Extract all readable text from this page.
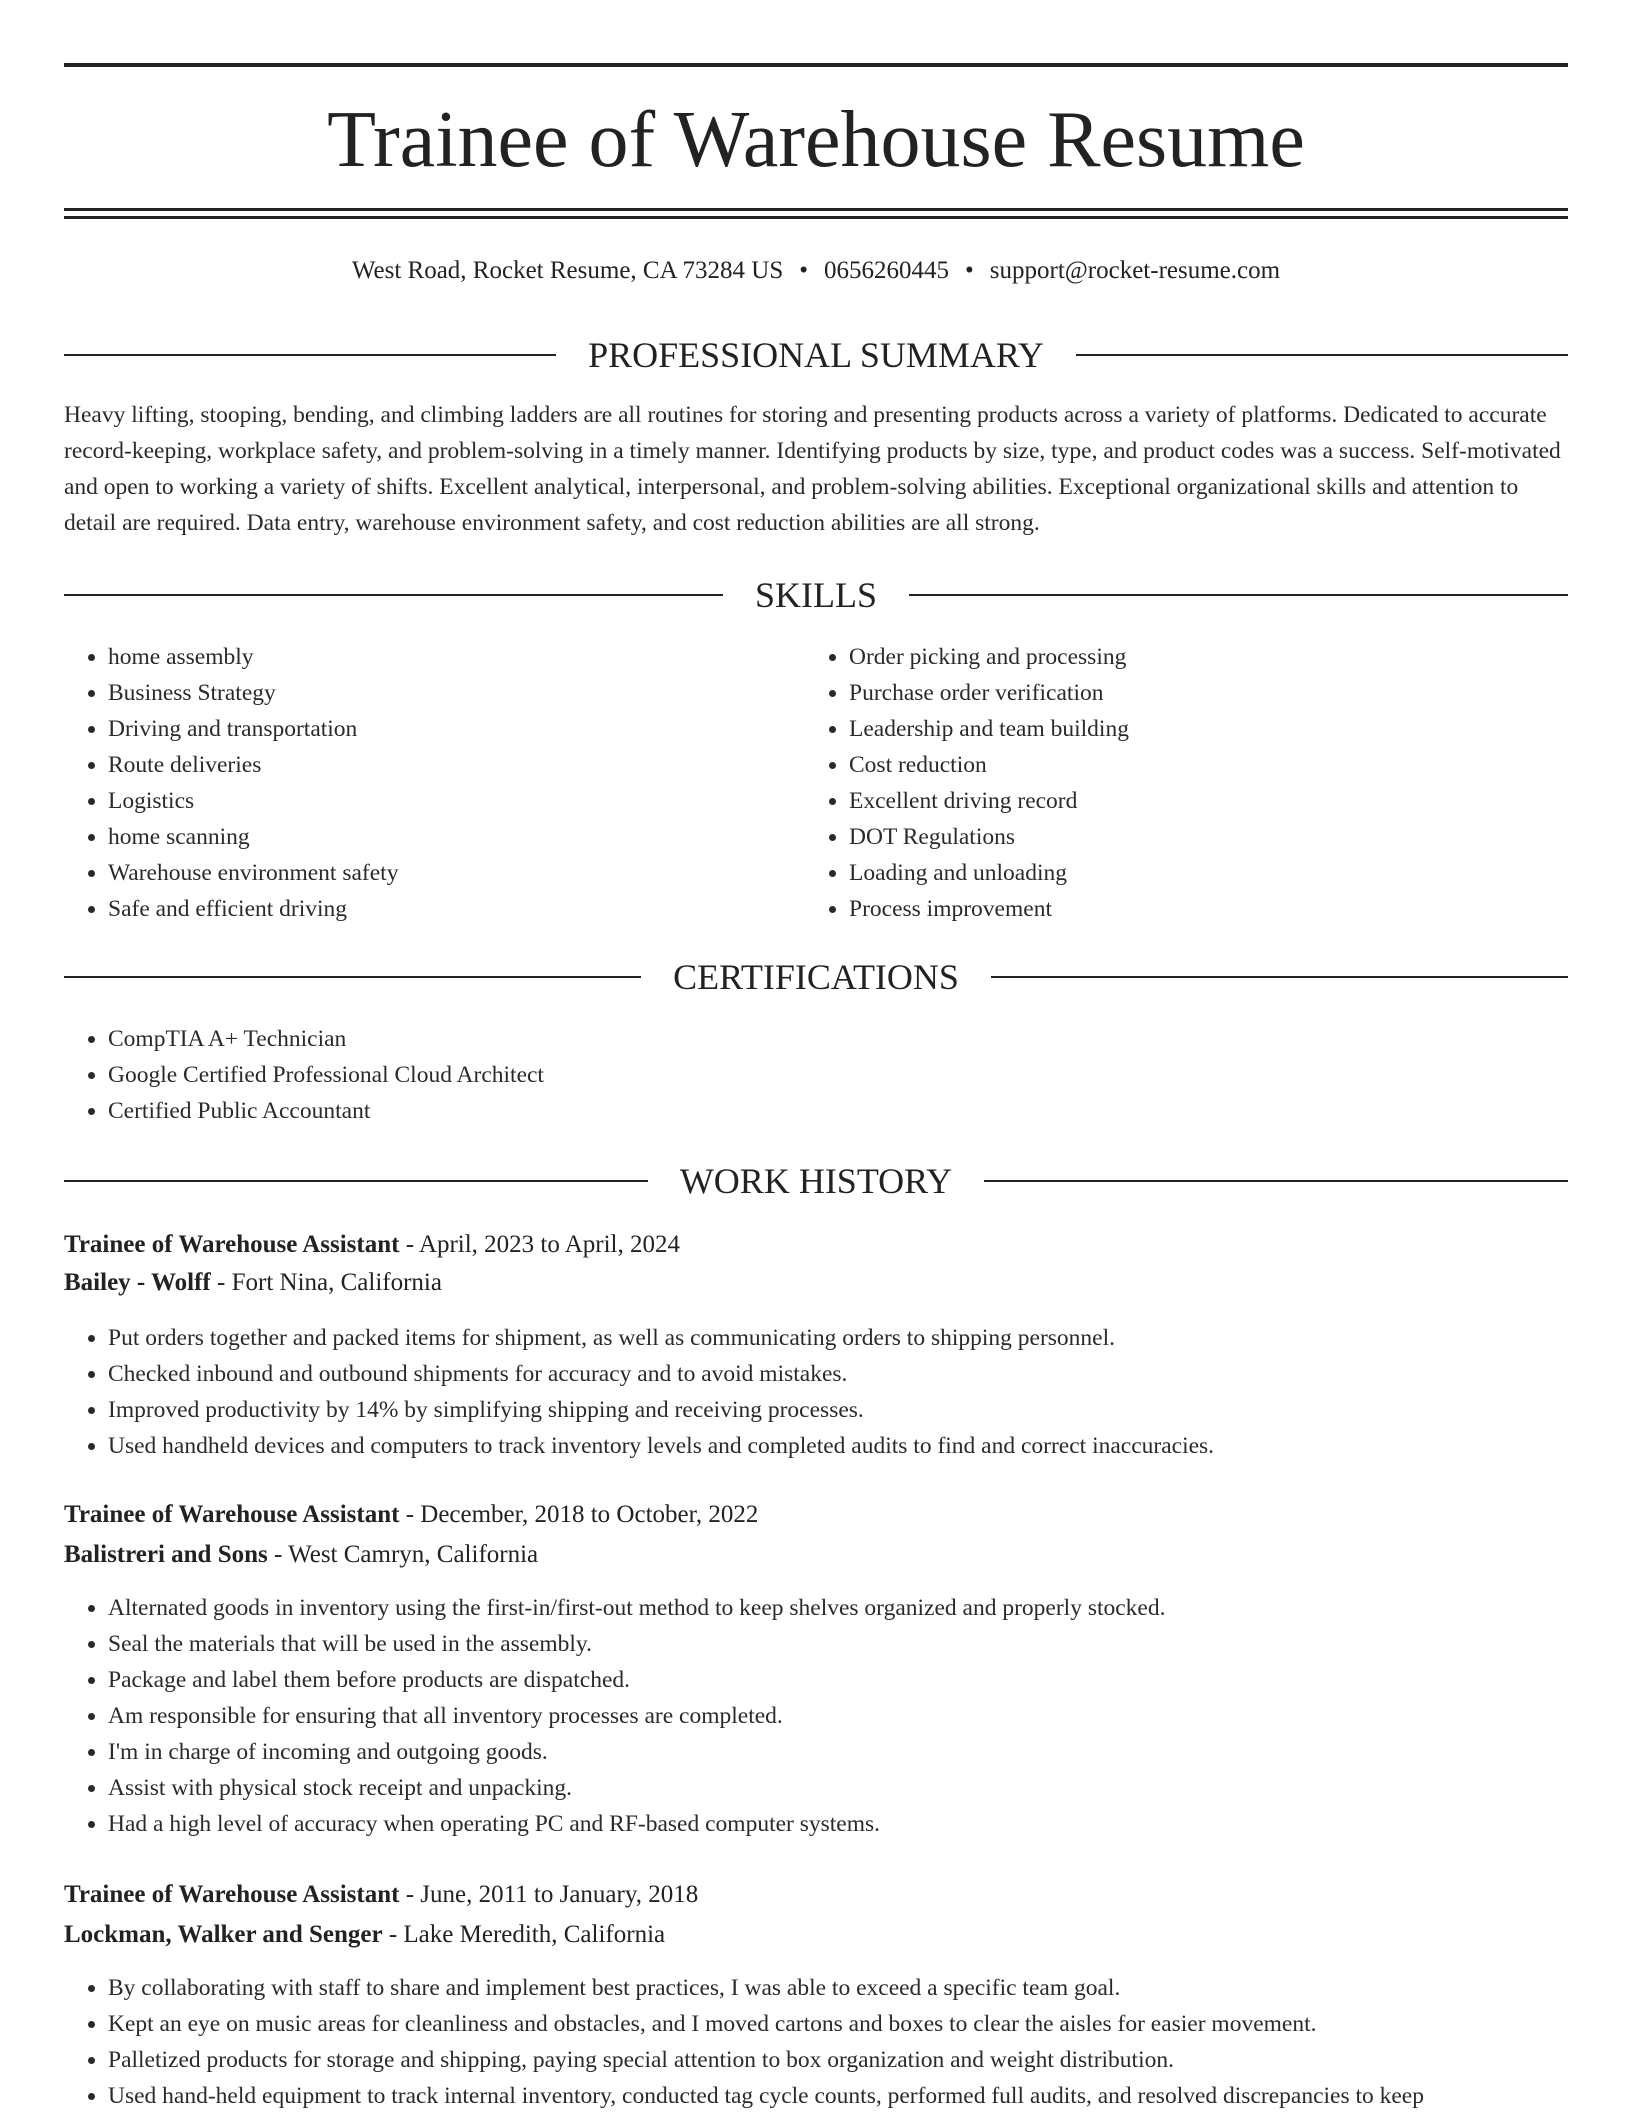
Trainee of Warehouse Resume
West Road, Rocket Resume, CA 73284 US • 0656260445 • support@rocket-resume.com
PROFESSIONAL SUMMARY
Heavy lifting, stooping, bending, and climbing ladders are all routines for storing and presenting products across a variety of platforms. Dedicated to accurate record-keeping, workplace safety, and problem-solving in a timely manner. Identifying products by size, type, and product codes was a success. Self-motivated and open to working a variety of shifts. Excellent analytical, interpersonal, and problem-solving abilities. Exceptional organizational skills and attention to detail are required. Data entry, warehouse environment safety, and cost reduction abilities are all strong.
SKILLS
• home assembly
• Business Strategy
• Driving and transportation
• Route deliveries
• Logistics
• home scanning
• Warehouse environment safety
• Safe and efficient driving
• Order picking and processing
• Purchase order verification
• Leadership and team building
• Cost reduction
• Excellent driving record
• DOT Regulations
• Loading and unloading
• Process improvement
CERTIFICATIONS
• CompTIA A+ Technician
• Google Certified Professional Cloud Architect
• Certified Public Accountant
WORK HISTORY
Trainee of Warehouse Assistant - April, 2023 to April, 2024
Bailey - Wolff - Fort Nina, California
• Put orders together and packed items for shipment, as well as communicating orders to shipping personnel.
• Checked inbound and outbound shipments for accuracy and to avoid mistakes.
• Improved productivity by 14% by simplifying shipping and receiving processes.
• Used handheld devices and computers to track inventory levels and completed audits to find and correct inaccuracies.
Trainee of Warehouse Assistant - December, 2018 to October, 2022
Balistreri and Sons - West Camryn, California
• Alternated goods in inventory using the first-in/first-out method to keep shelves organized and properly stocked.
• Seal the materials that will be used in the assembly.
• Package and label them before products are dispatched.
• Am responsible for ensuring that all inventory processes are completed.
• I'm in charge of incoming and outgoing goods.
• Assist with physical stock receipt and unpacking.
• Had a high level of accuracy when operating PC and RF-based computer systems.
Trainee of Warehouse Assistant - June, 2011 to January, 2018
Lockman, Walker and Senger - Lake Meredith, California
• By collaborating with staff to share and implement best practices, I was able to exceed a specific team goal.
• Kept an eye on music areas for cleanliness and obstacles, and I moved cartons and boxes to clear the aisles for easier movement.
• Palletized products for storage and shipping, paying special attention to box organization and weight distribution.
• Used hand-held equipment to track internal inventory, conducted tag cycle counts, performed full audits, and resolved discrepancies to keep
